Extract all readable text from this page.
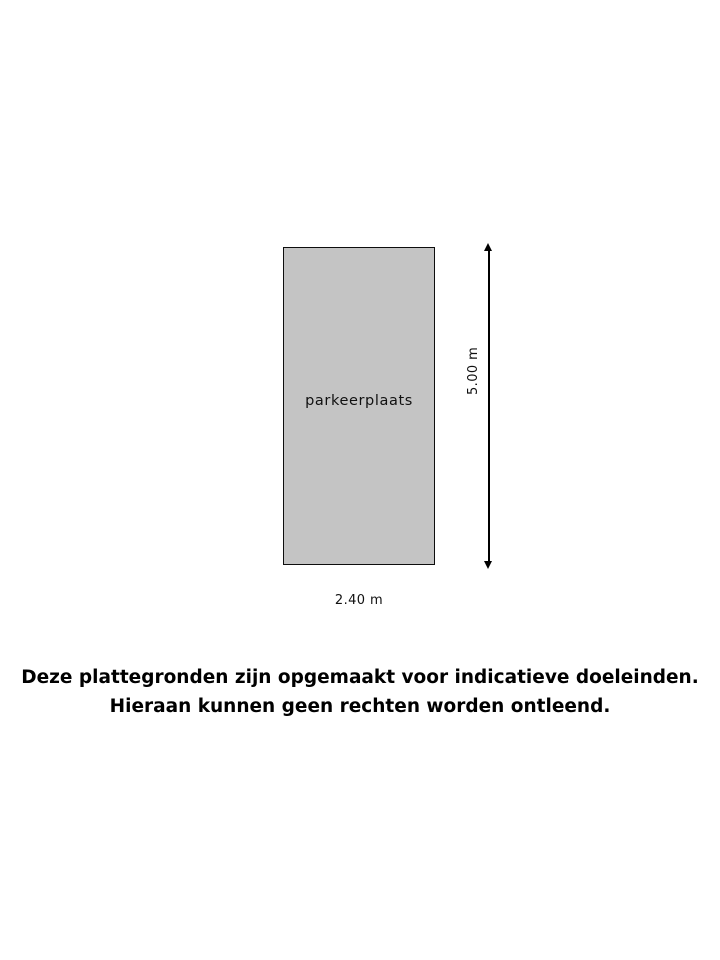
parkeerplaats
5.00 m
2.40 m
Deze plattegronden zijn opgemaakt voor indicatieve doeleinden.
Hieraan kunnen geen rechten worden ontleend.
